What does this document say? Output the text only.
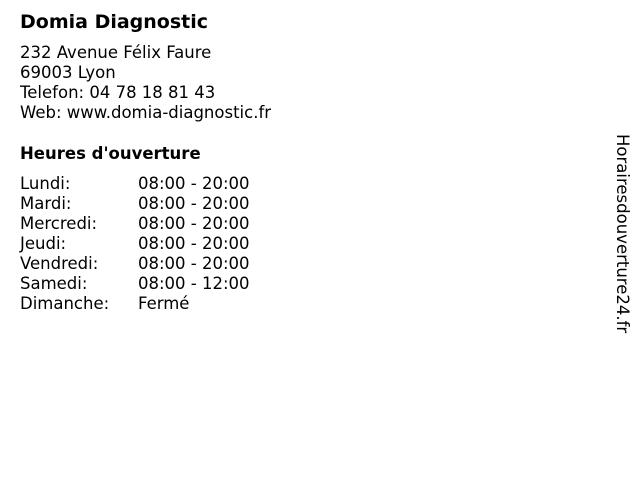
Domia Diagnostic
232 Avenue Félix Faure
69003 Lyon
Telefon: 04 78 18 81 43
Web: www.domia-diagnostic.fr
Heures d'ouverture
Lundi:	08:00 - 20:00
Mardi:	08:00 - 20:00
Mercredi: 08:00 - 20:00
Jeudi:	08:00 - 20:00
Vendredi: 08:00 - 20:00
Samedi:	08:00 - 12:00
Dimanche: Fermé	Horairesdouverture24.fr
